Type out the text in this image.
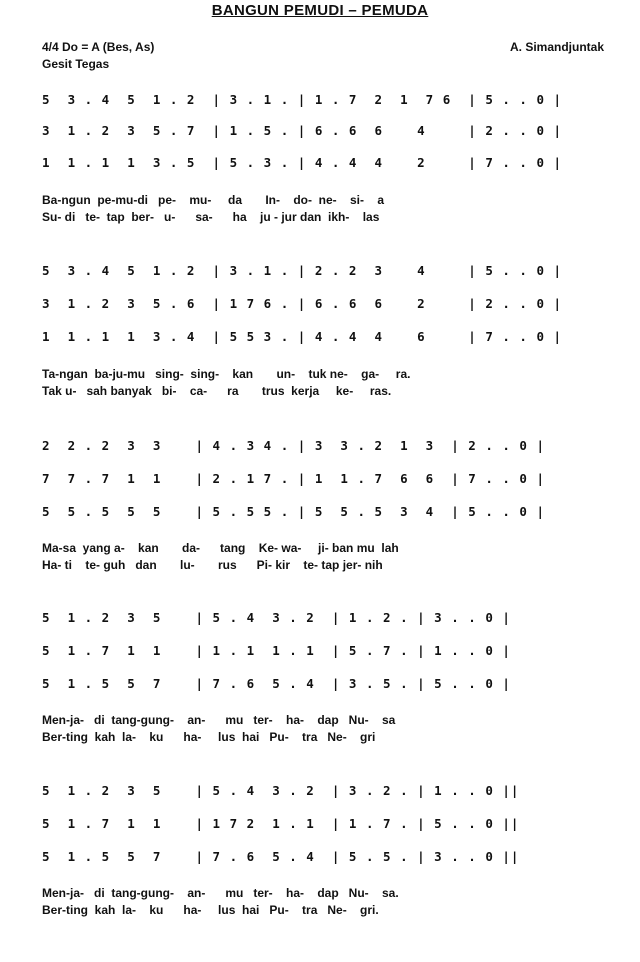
BANGUN PEMUDI – PEMUDA
4/4 Do = A (Bes, As)
Gesit Tegas
A. Simandjuntak
5  3 . 4  5  1 . 2  | 3 . 1 . | 1 . 7  2  1  7 6  | 5 . . 0 |
3  1 . 2  3  5 . 7  | 1 . 5 . | 6 . 6  6    4     | 2 . . 0 |
1  1 . 1  1  3 . 5  | 5 . 3 . | 4 . 4  4    2     | 7 . . 0 |
Ba-ngun  pe-mu-di   pe-    mu-     da       In-    do-  ne-    si-    a
Su- di   te-  tap  ber-   u-      sa-      ha    ju - jur dan  ikh-    las
5  3 . 4  5  1 . 2  | 3 . 1 . | 2 . 2  3    4     | 5 . . 0 |
3  1 . 2  3  5 . 6  | 1 7 6 . | 6 . 6  6    2     | 2 . . 0 |
1  1 . 1  1  3 . 4  | 5 5 3 . | 4 . 4  4    6     | 7 . . 0 |
Ta-ngan  ba-ju-mu   sing-  sing-    kan       un-    tuk ne-    ga-     ra.
Tak u-   sah banyak   bi-    ca-      ra       trus  kerja     ke-     ras.
2  2 . 2  3  3    | 4 . 3 4 . | 3  3 . 2  1  3  | 2 . . 0 |
7  7 . 7  1  1    | 2 . 1 7 . | 1  1 . 7  6  6  | 7 . . 0 |
5  5 . 5  5  5    | 5 . 5 5 . | 5  5 . 5  3  4  | 5 . . 0 |
Ma-sa  yang a-    kan       da-      tang    Ke- wa-     ji- ban mu  lah
Ha- ti    te- guh   dan       lu-       rus      Pi- kir    te- tap jer- nih
5  1 . 2  3  5    | 5 . 4  3 . 2  | 1 . 2 . | 3 . . 0 |
5  1 . 7  1  1    | 1 . 1  1 . 1  | 5 . 7 . | 1 . . 0 |
5  1 . 5  5  7    | 7 . 6  5 . 4  | 3 . 5 . | 5 . . 0 |
Men-ja-   di  tang-gung-    an-      mu   ter-    ha-    dap   Nu-    sa
Ber-ting  kah  la-    ku      ha-     lus  hai   Pu-    tra   Ne-    gri
5  1 . 2  3  5    | 5 . 4  3 . 2  | 3 . 2 . | 1 . . 0 ||
5  1 . 7  1  1    | 1 7 2  1 . 1  | 1 . 7 . | 5 . . 0 ||
5  1 . 5  5  7    | 7 . 6  5 . 4  | 5 . 5 . | 3 . . 0 ||
Men-ja-   di  tang-gung-    an-      mu   ter-    ha-    dap   Nu-    sa.
Ber-ting  kah  la-    ku      ha-     lus  hai   Pu-    tra   Ne-    gri.
